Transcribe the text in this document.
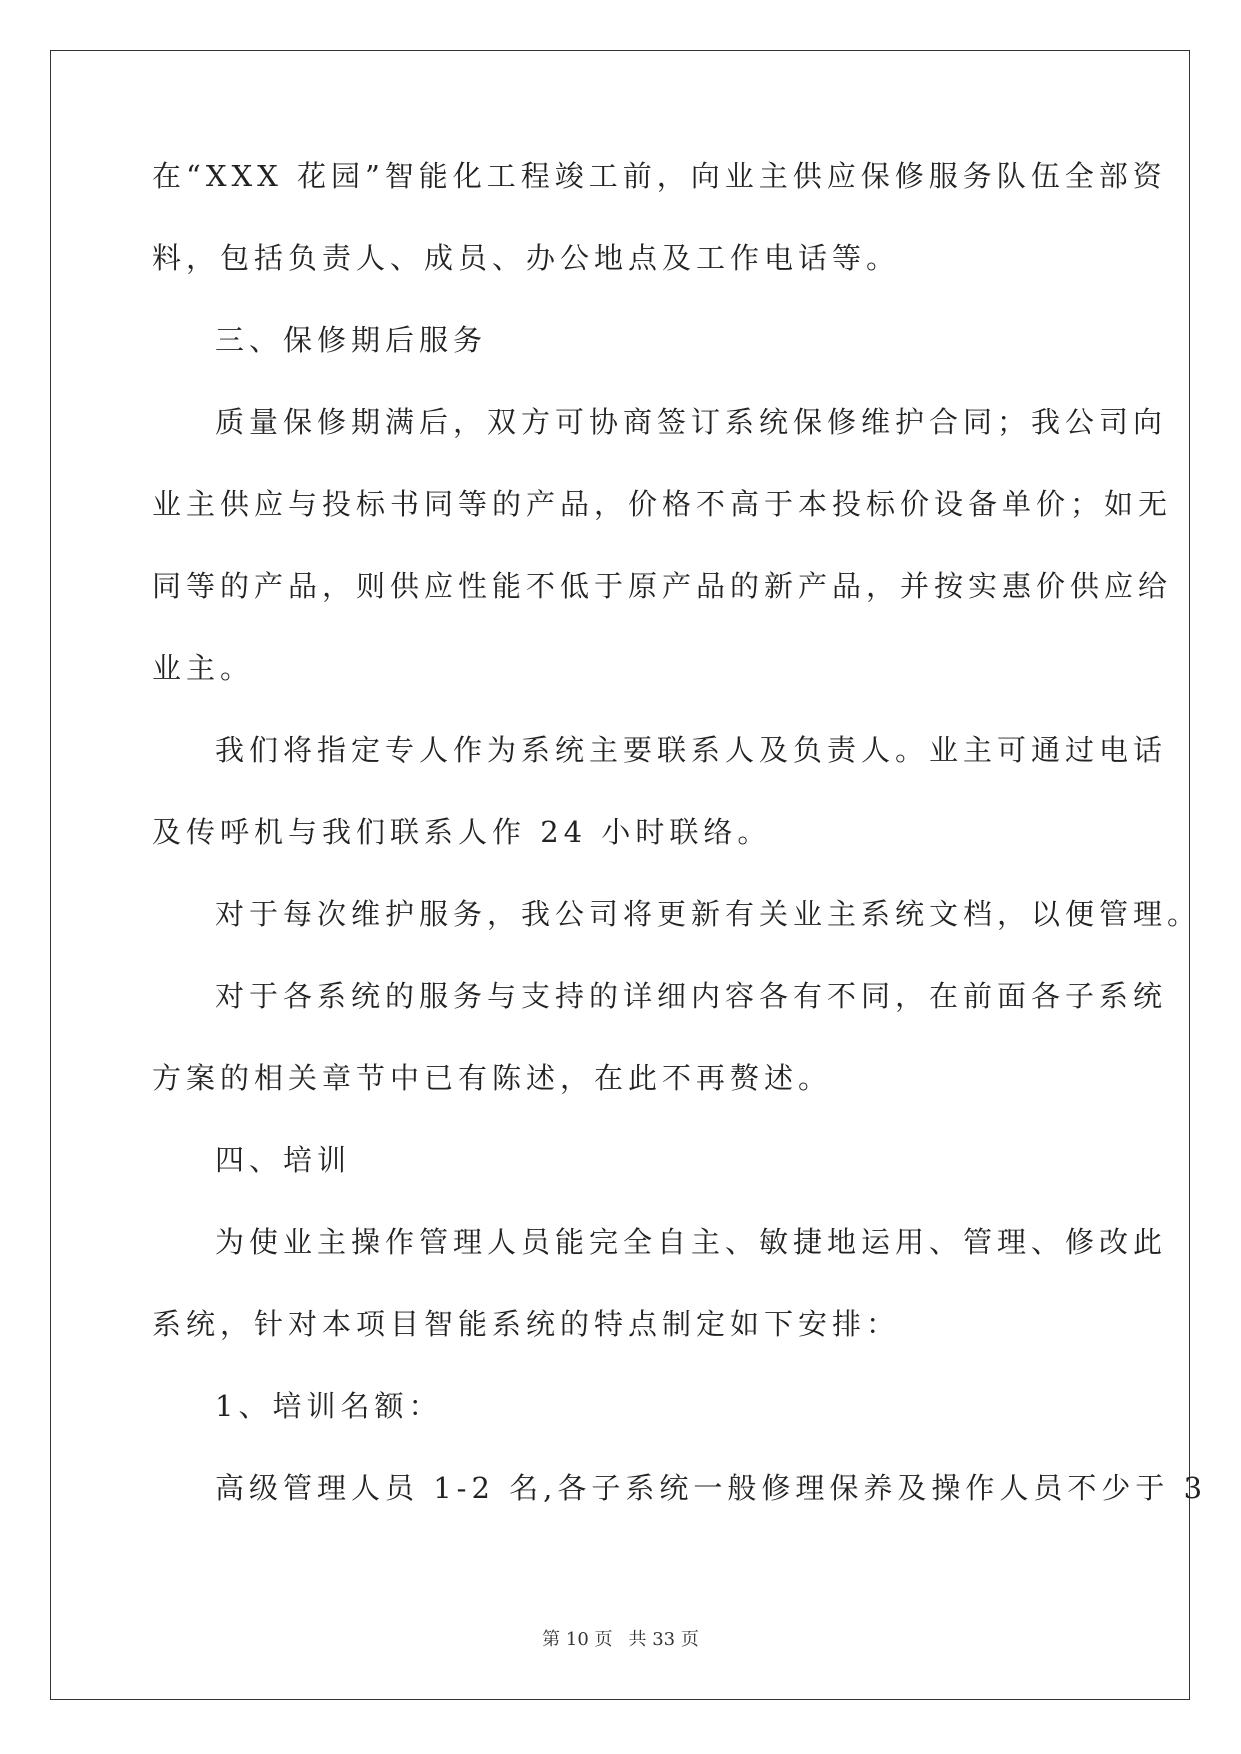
在“XXX 花园”智能化工程竣工前，向业主供应保修服务队伍全部资
料，包括负责人、成员、办公地点及工作电话等。
三、保修期后服务
质量保修期满后，双方可协商签订系统保修维护合同；我公司向
业主供应与投标书同等的产品，价格不高于本投标价设备单价；如无
同等的产品，则供应性能不低于原产品的新产品，并按实惠价供应给
业主。
我们将指定专人作为系统主要联系人及负责人。业主可通过电话
及传呼机与我们联系人作 24 小时联络。
对于每次维护服务，我公司将更新有关业主系统文档，以便管理。
对于各系统的服务与支持的详细内容各有不同，在前面各子系统
方案的相关章节中已有陈述，在此不再赘述。
四、培训
为使业主操作管理人员能完全自主、敏捷地运用、管理、修改此
系统，针对本项目智能系统的特点制定如下安排：
1、培训名额：
高级管理人员 1-2 名,各子系统一般修理保养及操作人员不少于 3
第 10 页 共 33 页
